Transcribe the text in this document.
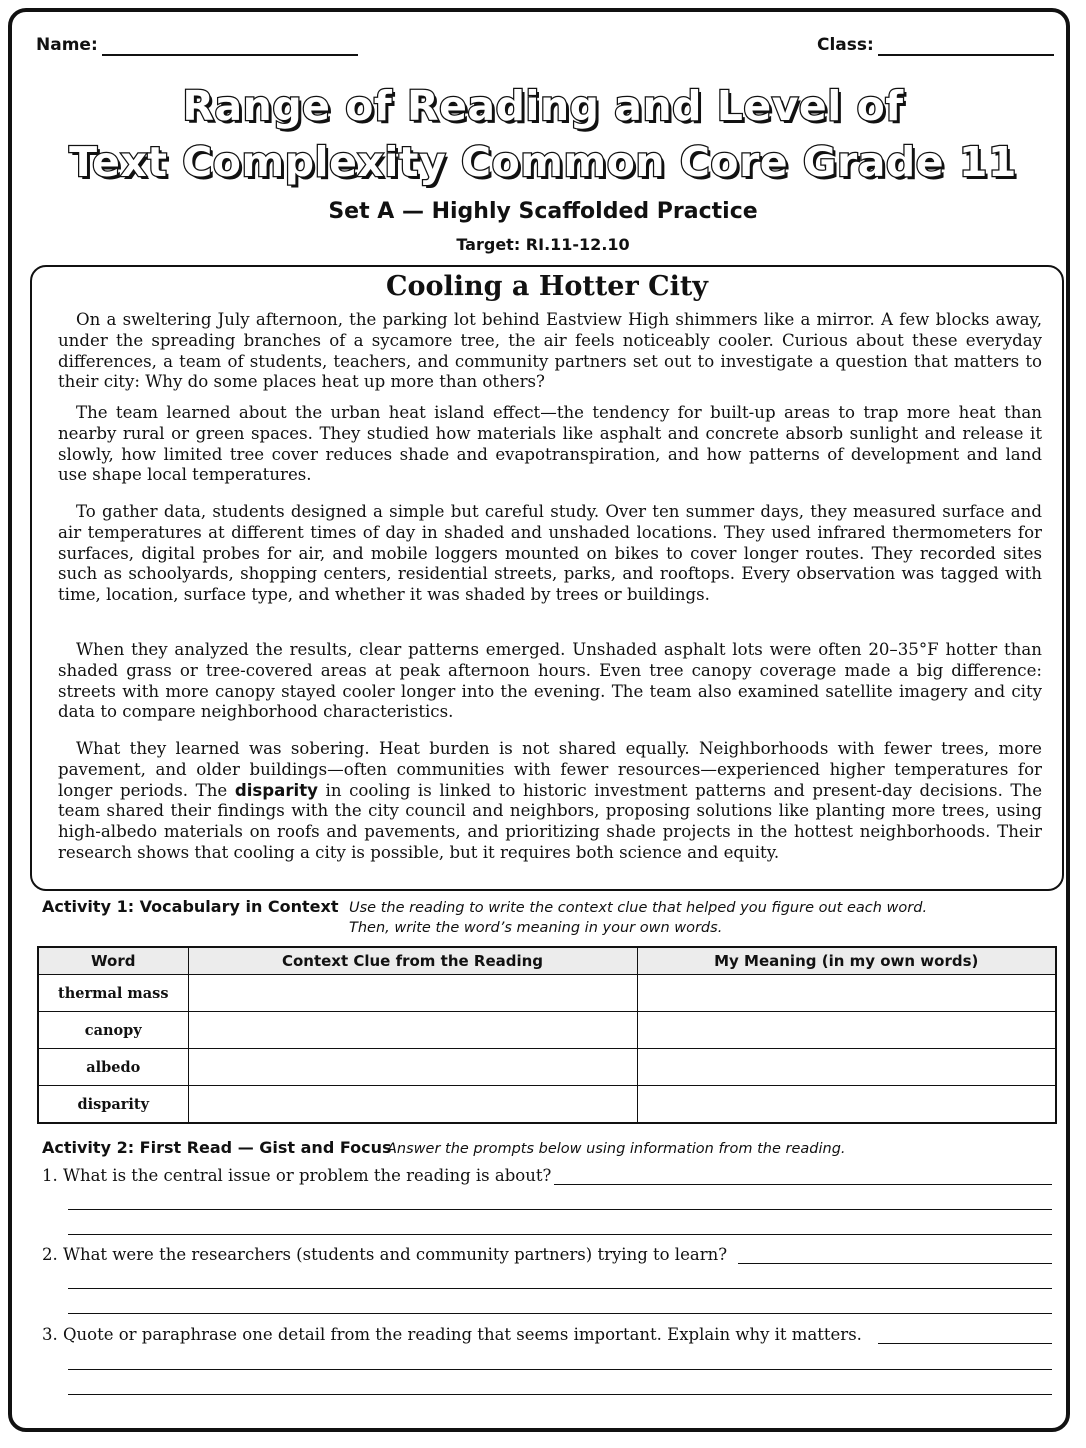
Name:	Class:
Range of Reading and Level of
Text Complexity Common Core Grade 11
Set A — Highly Scaffolded Practice
Target: RI.11-12.10
Cooling a Hotter City

On a sweltering July afternoon, the parking lot behind Eastview High shimmers like a mirror. A few blocks away, under the spreading branches of a sycamore tree, the air feels noticeably cooler. Curious about these everyday differences, a team of students, teachers, and community partners set out to investigate a question that matters to their city: Why do some places heat up more than others?

The team learned about the urban heat island effect—the tendency for built-up areas to trap more heat than nearby rural or green spaces. They studied how materials like asphalt and concrete absorb sunlight and release it slowly, how limited tree cover reduces shade and evapotranspiration, and how patterns of development and land use shape local temperatures.

To gather data, students designed a simple but careful study. Over ten summer days, they measured surface and air temperatures at different times of day in shaded and unshaded locations. They used infrared thermometers for surfaces, digital probes for air, and mobile loggers mounted on bikes to cover longer routes. They recorded sites such as schoolyards, shopping centers, residential streets, parks, and rooftops. Every observation was tagged with time, location, surface type, and whether it was shaded by trees or buildings.

When they analyzed the results, clear patterns emerged. Unshaded asphalt lots were often 20–35°F hotter than shaded grass or tree-covered areas at peak afternoon hours. Even tree canopy coverage made a big difference: streets with more canopy stayed cooler longer into the evening. The team also examined satellite imagery and city data to compare neighborhood characteristics.

What they learned was sobering. Heat burden is not shared equally. Neighborhoods with fewer trees, more pavement, and older buildings—often communities with fewer resources—experienced higher temperatures for longer periods. The disparity in cooling is linked to historic investment patterns and present-day decisions. The team shared their findings with the city council and neighbors, proposing solutions like planting more trees, using high-albedo materials on roofs and pavements, and prioritizing shade projects in the hottest neighborhoods. Their research shows that cooling a city is possible, but it requires both science and equity.

Activity 1: Vocabulary in Context Use the reading to write the context clue that helped you figure out each word.
Then, write the word’s meaning in your own words.
Word	Context Clue from the Reading	My Meaning (in my own words)
thermal mass		
canopy		
albedo		
disparity		
Activity 2: First Read — Gist and Focus
Answer the prompts below using information from the reading.
1. What is the central issue or problem the reading is about?
2. What were the researchers (students and community partners) trying to learn?
3. Quote or paraphrase one detail from the reading that seems important. Explain why it matters.
